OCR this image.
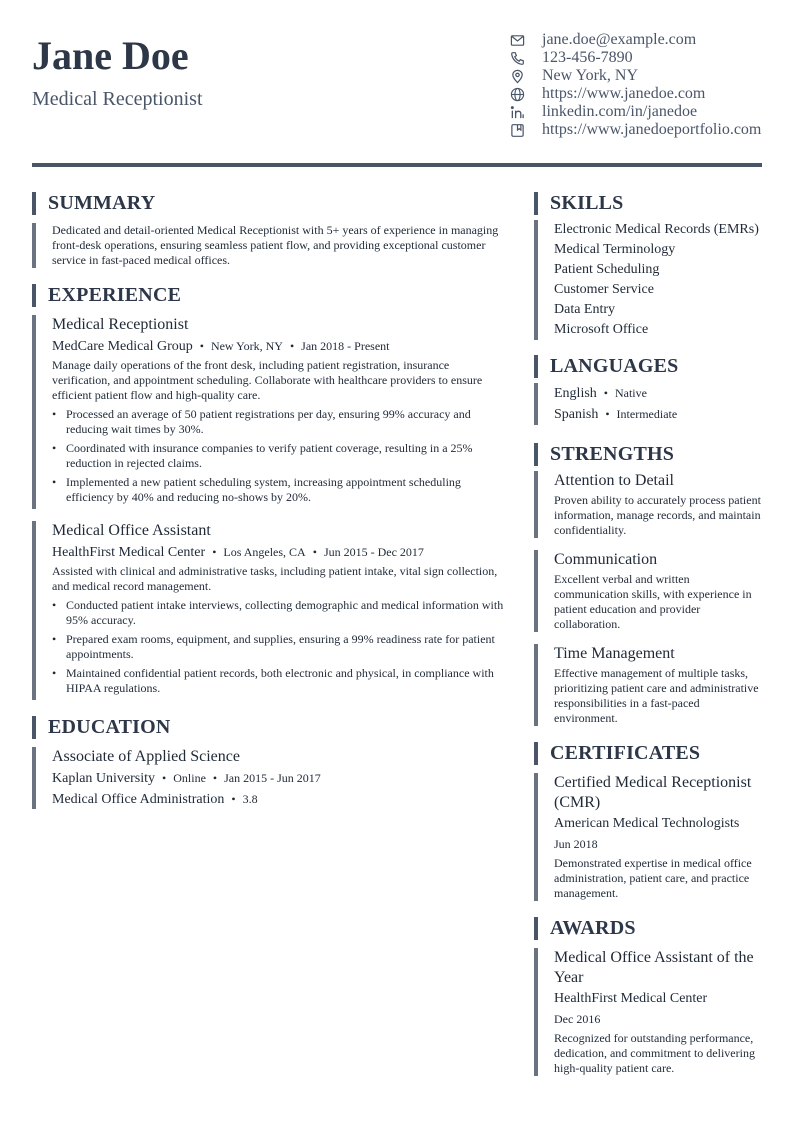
Jane Doe
Medical Receptionist
jane.doe@example.com
123-456-7890
New York, NY
https://www.janedoe.com
linkedin.com/in/janedoe
https://www.janedoeportfolio.com
SUMMARY
Dedicated and detail-oriented Medical Receptionist with 5+ years of experience in managing front-desk operations, ensuring seamless patient flow, and providing exceptional customer service in fast-paced medical offices.
EXPERIENCE
Medical Receptionist
MedCare Medical Group • New York, NY • Jan 2018 - Present
Manage daily operations of the front desk, including patient registration, insurance verification, and appointment scheduling. Collaborate with healthcare providers to ensure efficient patient flow and high-quality care.
• Processed an average of 50 patient registrations per day, ensuring 99% accuracy and reducing wait times by 30%.
• Coordinated with insurance companies to verify patient coverage, resulting in a 25% reduction in rejected claims.
• Implemented a new patient scheduling system, increasing appointment scheduling efficiency by 40% and reducing no-shows by 20%.
Medical Office Assistant
HealthFirst Medical Center • Los Angeles, CA • Jun 2015 - Dec 2017
Assisted with clinical and administrative tasks, including patient intake, vital sign collection, and medical record management.
• Conducted patient intake interviews, collecting demographic and medical information with 95% accuracy.
• Prepared exam rooms, equipment, and supplies, ensuring a 99% readiness rate for patient appointments.
• Maintained confidential patient records, both electronic and physical, in compliance with HIPAA regulations.
EDUCATION
Associate of Applied Science
Kaplan University • Online • Jan 2015 - Jun 2017
Medical Office Administration • 3.8
SKILLS
Electronic Medical Records (EMRs)
Medical Terminology
Patient Scheduling
Customer Service
Data Entry
Microsoft Office
LANGUAGES
English • Native
Spanish • Intermediate
STRENGTHS
Attention to Detail
Proven ability to accurately process patient information, manage records, and maintain confidentiality.
Communication
Excellent verbal and written communication skills, with experience in patient education and provider collaboration.
Time Management
Effective management of multiple tasks, prioritizing patient care and administrative responsibilities in a fast-paced environment.
CERTIFICATES
Certified Medical Receptionist (CMR)
American Medical Technologists
Jun 2018
Demonstrated expertise in medical office administration, patient care, and practice management.
AWARDS
Medical Office Assistant of the Year
HealthFirst Medical Center
Dec 2016
Recognized for outstanding performance, dedication, and commitment to delivering high-quality patient care.
